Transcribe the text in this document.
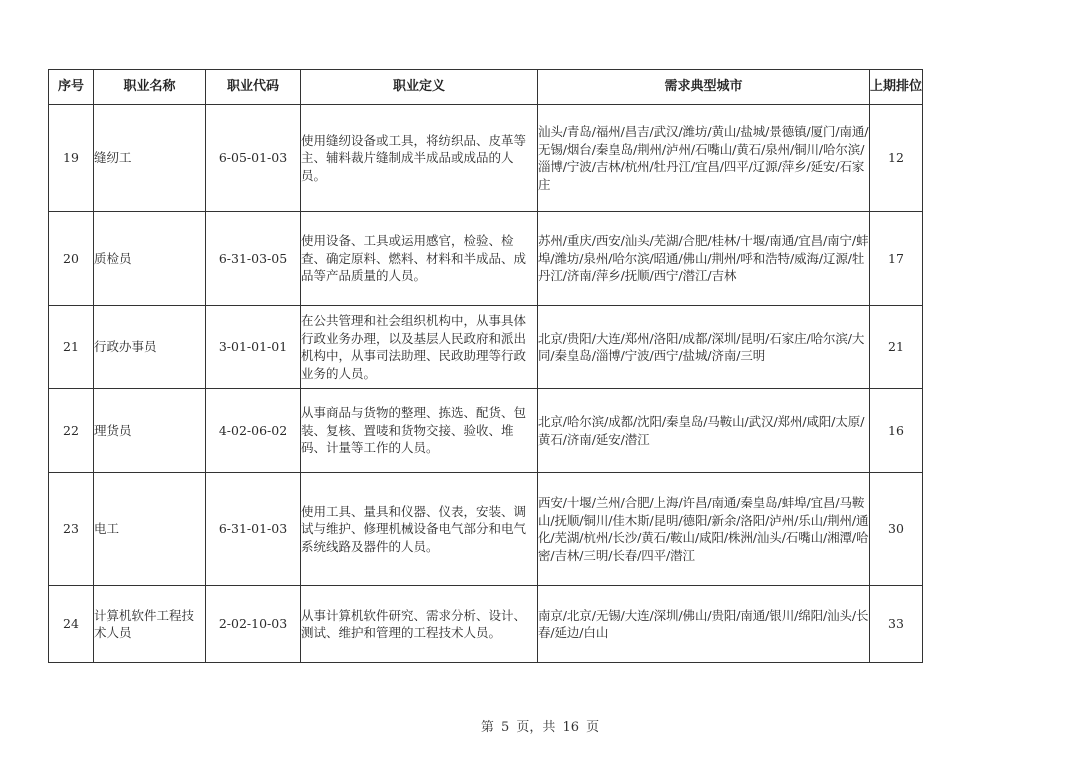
序号	职业名称	职业代码	职业定义	需求典型城市	上期排位
19	缝纫工	6-05-01-03	使用缝纫设备或工具，将纺织品、皮革等主、辅料裁片缝制成半成品或成品的人员。	汕头/青岛/福州/昌吉/武汉/潍坊/黄山/盐城/景德镇/厦门/南通/无锡/烟台/秦皇岛/荆州/泸州/石嘴山/黄石/泉州/铜川/哈尔滨/淄博/宁波/吉林/杭州/牡丹江/宜昌/四平/辽源/萍乡/延安/石家庄	12
20	质检员	6-31-03-05	使用设备、工具或运用感官，检验、检查、确定原料、燃料、材料和半成品、成品等产品质量的人员。	苏州/重庆/西安/汕头/芜湖/合肥/桂林/十堰/南通/宜昌/南宁/蚌埠/潍坊/泉州/哈尔滨/昭通/佛山/荆州/呼和浩特/威海/辽源/牡丹江/济南/萍乡/抚顺/西宁/潜江/吉林	17
21	行政办事员	3-01-01-01	在公共管理和社会组织机构中，从事具体行政业务办理，以及基层人民政府和派出机构中，从事司法助理、民政助理等行政业务的人员。	北京/贵阳/大连/郑州/洛阳/成都/深圳/昆明/石家庄/哈尔滨/大同/秦皇岛/淄博/宁波/西宁/盐城/济南/三明	21
22	理货员	4-02-06-02	从事商品与货物的整理、拣选、配货、包装、复核、置唛和货物交接、验收、堆码、计量等工作的人员。	北京/哈尔滨/成都/沈阳/秦皇岛/马鞍山/武汉/郑州/咸阳/太原/黄石/济南/延安/潜江	16
23	电工	6-31-01-03	使用工具、量具和仪器、仪表，安装、调试与维护、修理机械设备电气部分和电气系统线路及器件的人员。	西安/十堰/兰州/合肥/上海/许昌/南通/秦皇岛/蚌埠/宜昌/马鞍山/抚顺/铜川/佳木斯/昆明/德阳/新余/洛阳/泸州/乐山/荆州/通化/芜湖/杭州/长沙/黄石/鞍山/咸阳/株洲/汕头/石嘴山/湘潭/哈密/吉林/三明/长春/四平/潜江	30
24	计算机软件工程技术人员	2-02-10-03	从事计算机软件研究、需求分析、设计、测试、维护和管理的工程技术人员。	南京/北京/无锡/大连/深圳/佛山/贵阳/南通/银川/绵阳/汕头/长春/延边/白山	33
第 5 页，共 16 页
